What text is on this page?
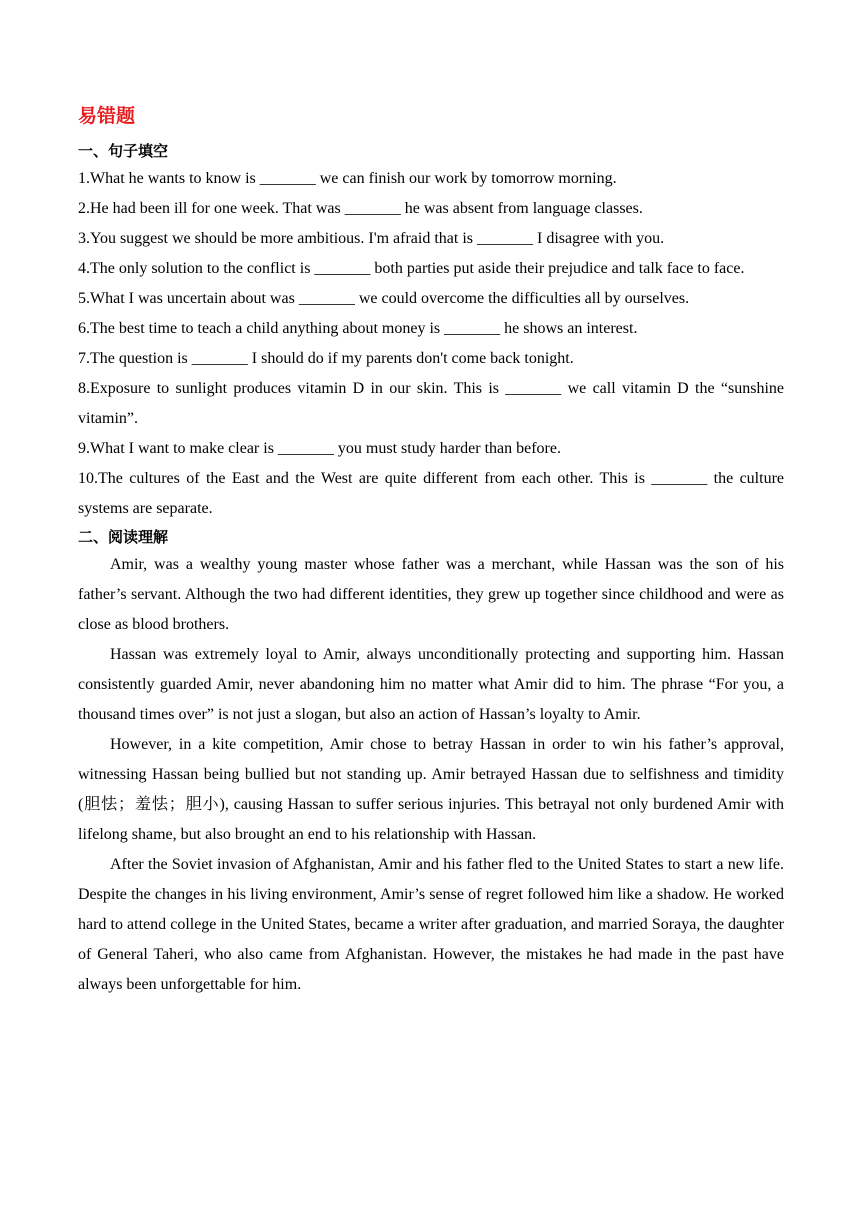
易错题
一、句子填空
1.What he wants to know is _______ we can finish our work by tomorrow morning.
2.He had been ill for one week. That was _______ he was absent from language classes.
3.You suggest we should be more ambitious. I'm afraid that is _______ I disagree with you.
4.The only solution to the conflict is _______ both parties put aside their prejudice and talk face to face.
5.What I was uncertain about was _______ we could overcome the difficulties all by ourselves.
6.The best time to teach a child anything about money is _______ he shows an interest.
7.The question is _______ I should do if my parents don't come back tonight.
8.Exposure to sunlight produces vitamin D in our skin. This is _______ we call vitamin D the “sunshine vitamin”.
9.What I want to make clear is _______ you must study harder than before.
10.The cultures of the East and the West are quite different from each other. This is _______ the culture systems are separate.
二、阅读理解

Amir, was a wealthy young master whose father was a merchant, while Hassan was the son of his father’s servant. Although the two had different identities, they grew up together since childhood and were as close as blood brothers.

Hassan was extremely loyal to Amir, always unconditionally protecting and supporting him. Hassan consistently guarded Amir, never abandoning him no matter what Amir did to him. The phrase “For you, a thousand times over” is not just a slogan, but also an action of Hassan’s loyalty to Amir.

However, in a kite competition, Amir chose to betray Hassan in order to win his father’s approval, witnessing Hassan being bullied but not standing up. Amir betrayed Hassan due to selfishness and timidity (胆怯；羞怯；胆小), causing Hassan to suffer serious injuries. This betrayal not only burdened Amir with lifelong shame, but also brought an end to his relationship with Hassan.

After the Soviet invasion of Afghanistan, Amir and his father fled to the United States to start a new life. Despite the changes in his living environment, Amir’s sense of regret followed him like a shadow. He worked hard to attend college in the United States, became a writer after graduation, and married Soraya, the daughter of General Taheri, who also came from Afghanistan. However, the mistakes he had made in the past have always been unforgettable for him.
